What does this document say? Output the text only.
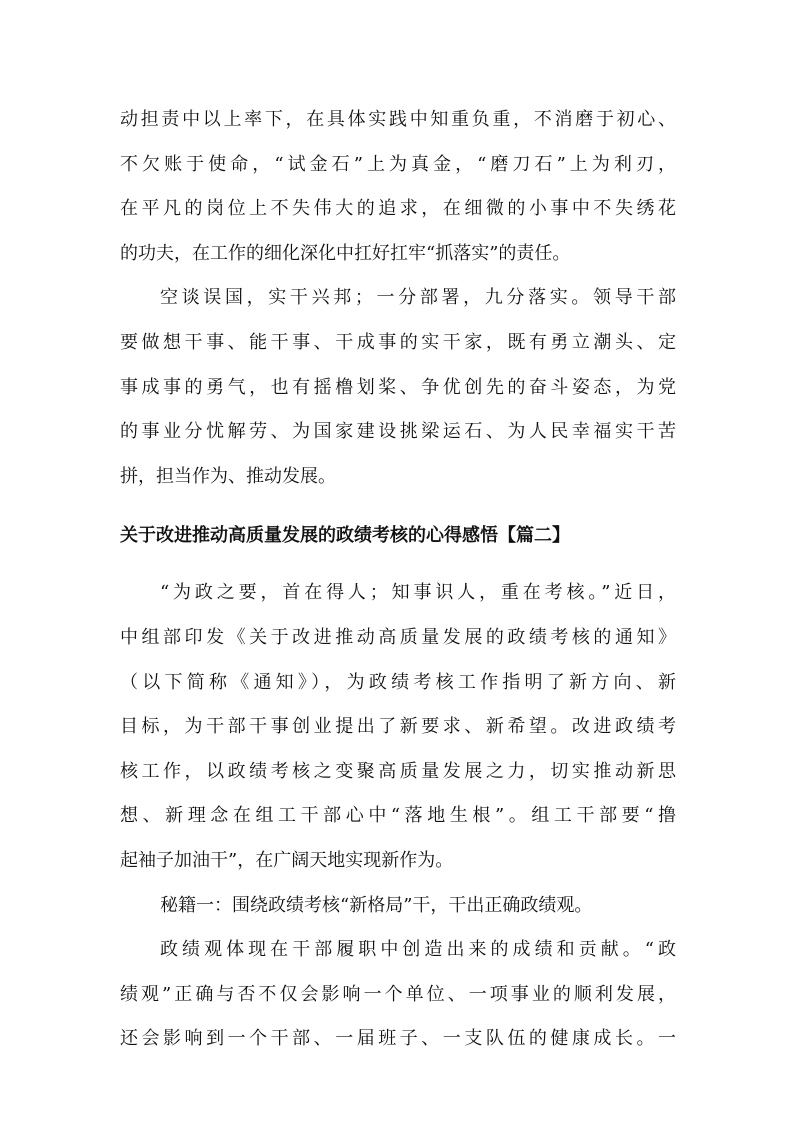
动担责中以上率下，在具体实践中知重负重，不消磨于初心、

不欠账于使命，“试金石”上为真金，“磨刀石”上为利刃，

在平凡的岗位上不失伟大的追求，在细微的小事中不失绣花

的功夫，在工作的细化深化中扛好扛牢“抓落实”的责任。

空谈误国，实干兴邦；一分部署，九分落实。领导干部

要做想干事、能干事、干成事的实干家，既有勇立潮头、定

事成事的勇气，也有摇橹划桨、争优创先的奋斗姿态，为党

的事业分忧解劳、为国家建设挑梁运石、为人民幸福实干苦

拼，担当作为、推动发展。

关于改进推动高质量发展的政绩考核的心得感悟【篇二】

“为政之要，首在得人；知事识人，重在考核。”近日，

中组部印发《关于改进推动高质量发展的政绩考核的通知》

（以下简称《通知》），为政绩考核工作指明了新方向、新

目标，为干部干事创业提出了新要求、新希望。改进政绩考

核工作，以政绩考核之变聚高质量发展之力，切实推动新思

想、新理念在组工干部心中“落地生根”。组工干部要“撸

起袖子加油干”，在广阔天地实现新作为。

秘籍一：围绕政绩考核“新格局”干，干出正确政绩观。

政绩观体现在干部履职中创造出来的成绩和贡献。“政

绩观”正确与否不仅会影响一个单位、一项事业的顺利发展，

还会影响到一个干部、一届班子、一支队伍的健康成长。一
